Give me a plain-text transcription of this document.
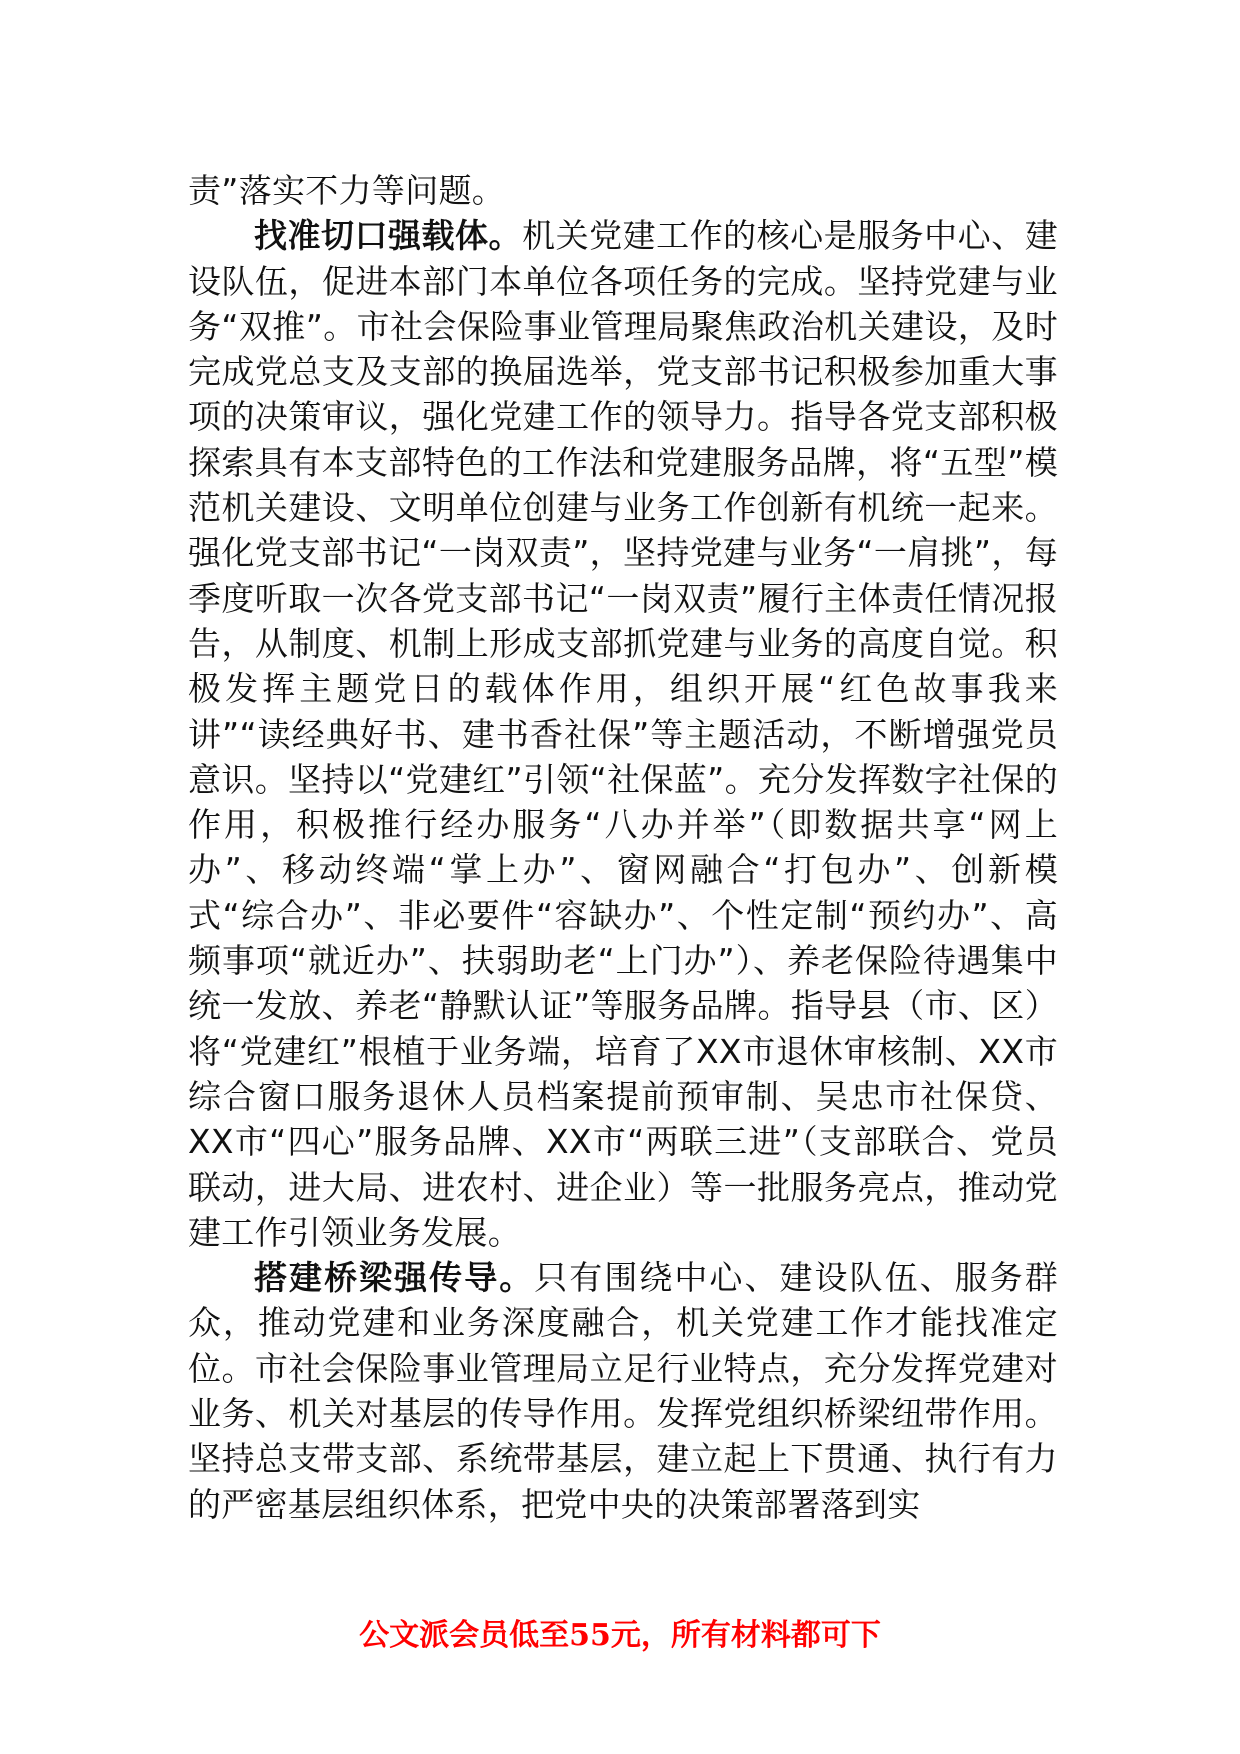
责”落实不力等问题。

找准切口强载体。机关党建工作的核心是服务中心、建设队伍，促进本部门本单位各项任务的完成。坚持党建与业务“双推”。市社会保险事业管理局聚焦政治机关建设，及时完成党总支及支部的换届选举，党支部书记积极参加重大事项的决策审议，强化党建工作的领导力。指导各党支部积极探索具有本支部特色的工作法和党建服务品牌，将“五型”模范机关建设、文明单位创建与业务工作创新有机统一起来。强化党支部书记“一岗双责”，坚持党建与业务“一肩挑”，每季度听取一次各党支部书记“一岗双责”履行主体责任情况报告，从制度、机制上形成支部抓党建与业务的高度自觉。积极发挥主题党日的载体作用，组织开展“红色故事我来讲”“读经典好书、建书香社保”等主题活动，不断增强党员意识。坚持以“党建红”引领“社保蓝”。充分发挥数字社保的作用，积极推行经办服务“八办并举”（即数据共享“网上办”、移动终端“掌上办”、窗网融合“打包办”、创新模式“综合办”、非必要件“容缺办”、个性定制“预约办”、高频事项“就近办”、扶弱助老“上门办”）、养老保险待遇集中统一发放、养老“静默认证”等服务品牌。指导县（市、区）将“党建红”根植于业务端，培育了XX市退休审核制、XX市综合窗口服务退休人员档案提前预审制、吴忠市社保贷、XX市“四心”服务品牌、XX市“两联三进”（支部联合、党员联动，进大局、进农村、进企业）等一批服务亮点，推动党建工作引领业务发展。

搭建桥梁强传导。只有围绕中心、建设队伍、服务群众，推动党建和业务深度融合，机关党建工作才能找准定位。市社会保险事业管理局立足行业特点，充分发挥党建对业务、机关对基层的传导作用。发挥党组织桥梁纽带作用。坚持总支带支部、系统带基层，建立起上下贯通、执行有力的严密基层组织体系，把党中央的决策部署落到实

公文派会员低至55元，所有材料都可下
